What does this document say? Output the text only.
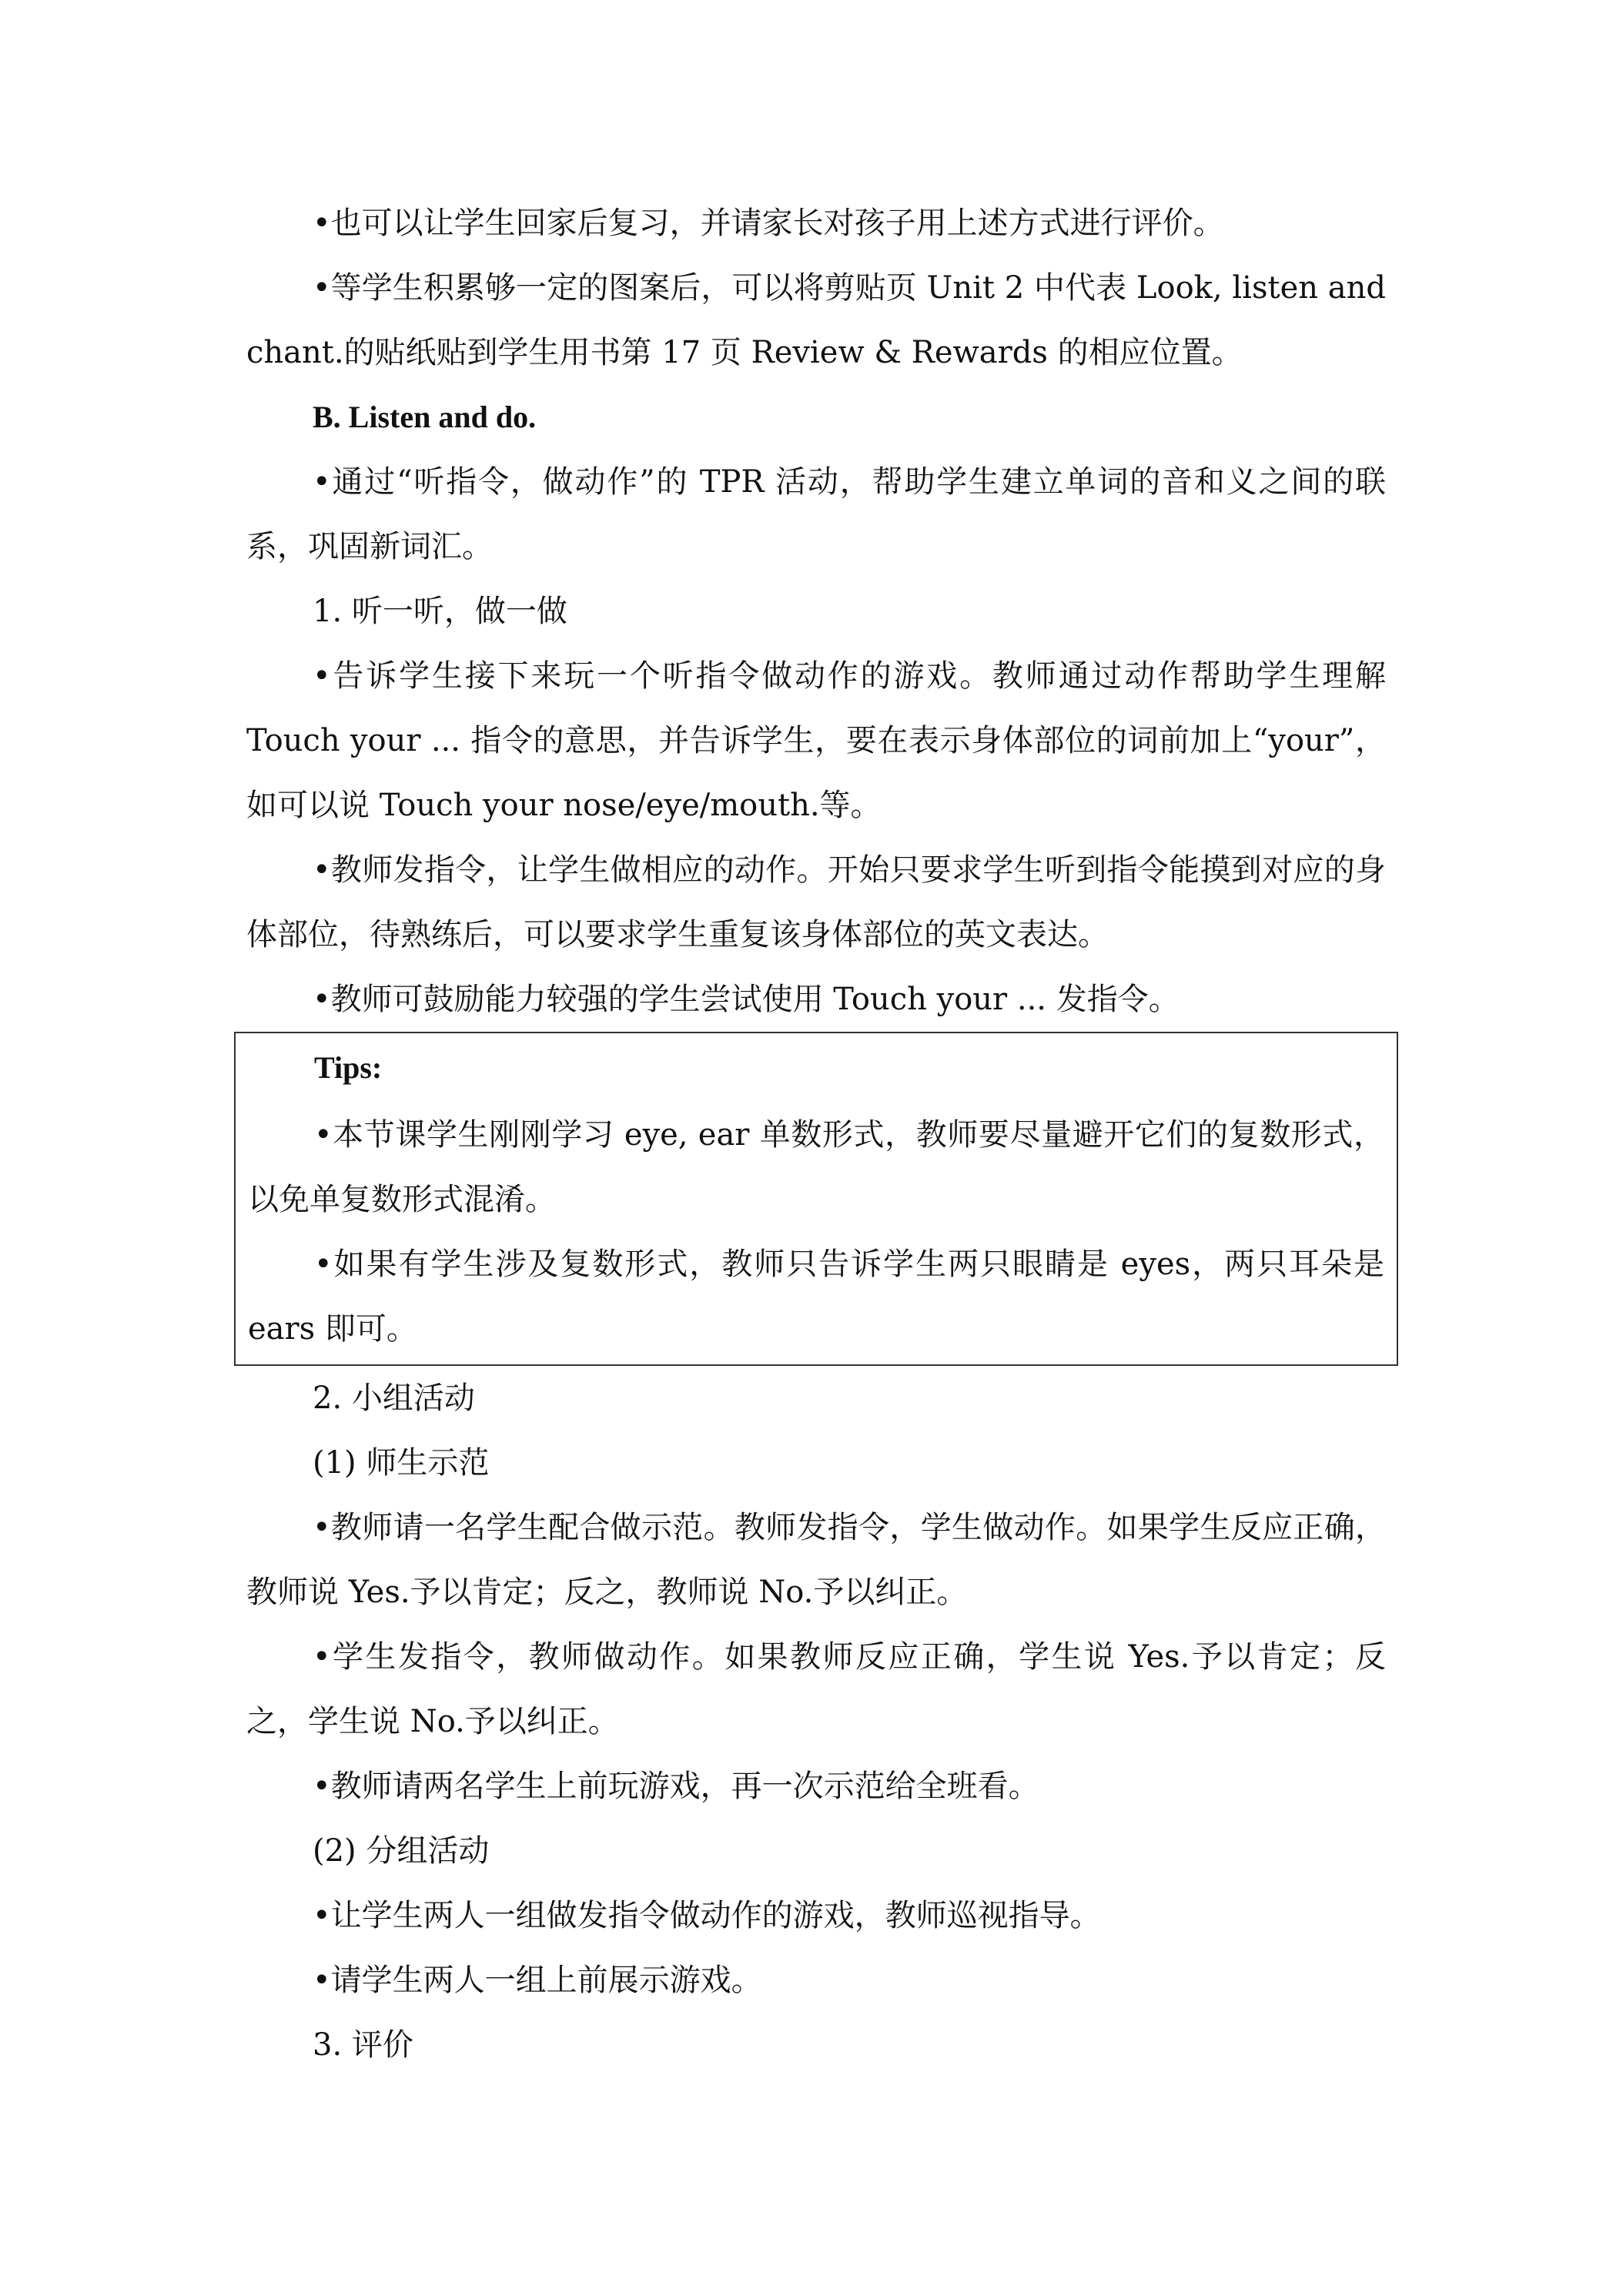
•也可以让学生回家后复习，并请家长对孩子用上述方式进行评价。
•等学生积累够一定的图案后，可以将剪贴页 Unit 2 中代表 Look, listen and chant.的贴纸贴到学生用书第 17 页 Review & Rewards 的相应位置。
B. Listen and do.
•通过“听指令，做动作”的 TPR 活动，帮助学生建立单词的音和义之间的联系，巩固新词汇。
1. 听一听，做一做
•告诉学生接下来玩一个听指令做动作的游戏。教师通过动作帮助学生理解 Touch your ... 指令的意思，并告诉学生，要在表示身体部位的词前加上“your”，如可以说 Touch your nose/eye/mouth.等。
•教师发指令，让学生做相应的动作。开始只要求学生听到指令能摸到对应的身体部位，待熟练后，可以要求学生重复该身体部位的英文表达。
•教师可鼓励能力较强的学生尝试使用 Touch your ... 发指令。
Tips:
•本节课学生刚刚学习 eye, ear 单数形式，教师要尽量避开它们的复数形式，以免单复数形式混淆。
•如果有学生涉及复数形式，教师只告诉学生两只眼睛是 eyes，两只耳朵是 ears 即可。
2. 小组活动
(1) 师生示范
•教师请一名学生配合做示范。教师发指令，学生做动作。如果学生反应正确，教师说 Yes.予以肯定；反之，教师说 No.予以纠正。
•学生发指令，教师做动作。如果教师反应正确，学生说 Yes.予以肯定；反之，学生说 No.予以纠正。
•教师请两名学生上前玩游戏，再一次示范给全班看。
(2) 分组活动
•让学生两人一组做发指令做动作的游戏，教师巡视指导。
•请学生两人一组上前展示游戏。
3. 评价
